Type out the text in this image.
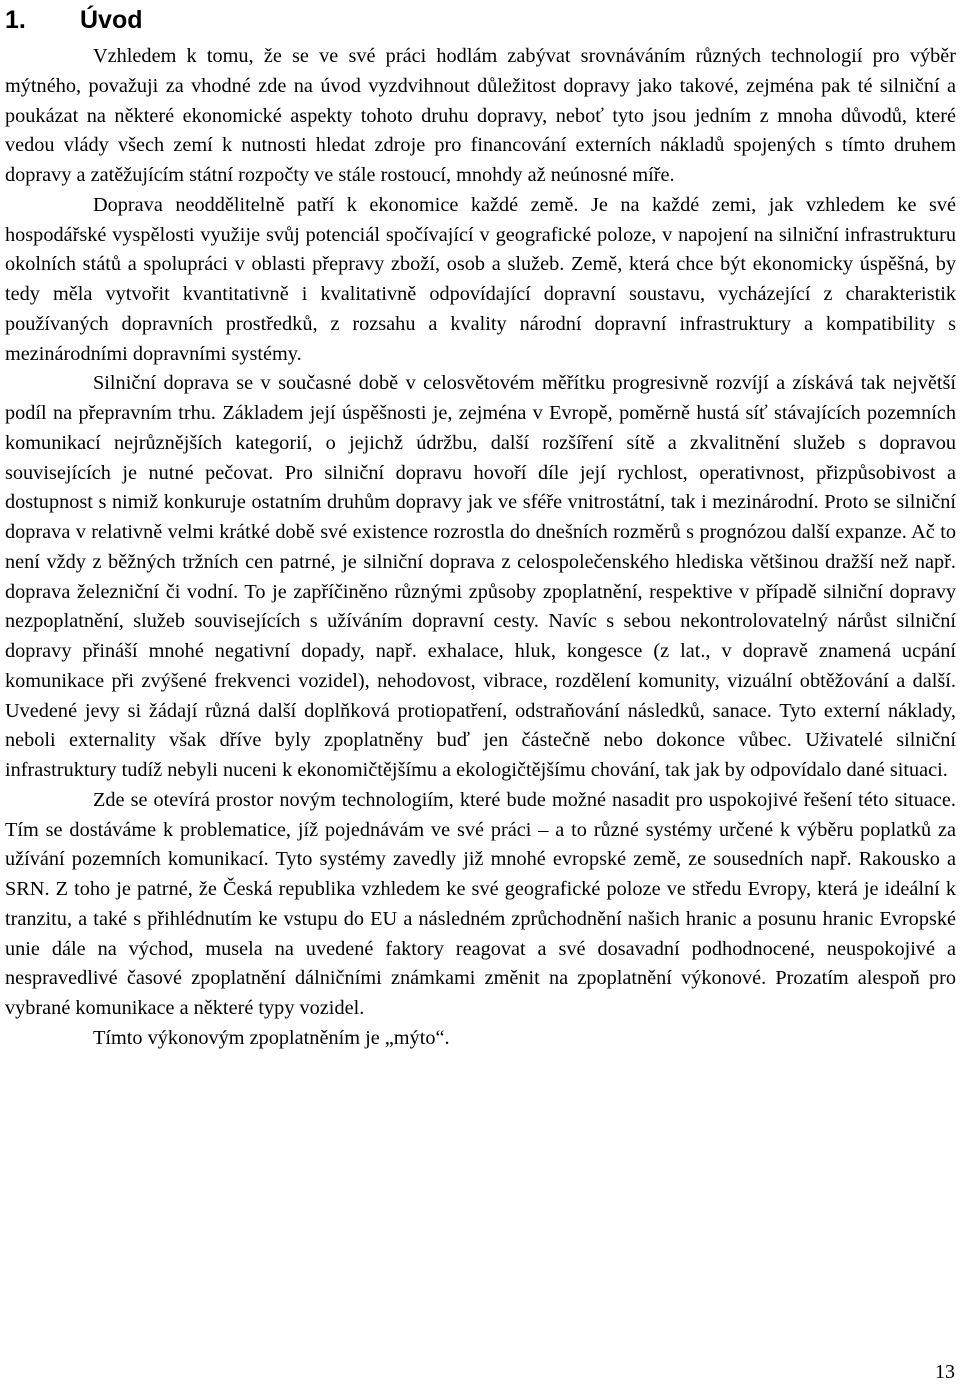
1.	Úvod

Vzhledem k tomu, že se ve své práci hodlám zabývat srovnáváním různých technologií pro výběr mýtného, považuji za vhodné zde na úvod vyzdvihnout důležitost dopravy jako takové, zejména pak té silniční a poukázat na některé ekonomické aspekty tohoto druhu dopravy, neboť tyto jsou jedním z mnoha důvodů, které vedou vlády všech zemí k nutnosti hledat zdroje pro financování externích nákladů spojených s tímto druhem dopravy a zatěžujícím státní rozpočty ve stále rostoucí, mnohdy až neúnosné míře.

Doprava neoddělitelně patří k ekonomice každé země. Je na každé zemi, jak vzhledem ke své hospodářské vyspělosti využije svůj potenciál spočívající v geografické poloze, v napojení na silniční infrastrukturu okolních států a spolupráci v oblasti přepravy zboží, osob a služeb. Země, která chce být ekonomicky úspěšná, by tedy měla vytvořit kvantitativně i kvalitativně odpovídající dopravní soustavu, vycházející z charakteristik používaných dopravních prostředků, z rozsahu a kvality národní dopravní infrastruktury a kompatibility s mezinárodními dopravními systémy.

Silniční doprava se v současné době v celosvětovém měřítku progresivně rozvíjí a získává tak největší podíl na přepravním trhu. Základem její úspěšnosti je, zejména v Evropě, poměrně hustá síť stávajících pozemních komunikací nejrůznějších kategorií, o jejichž údržbu, další rozšíření sítě a zkvalitnění služeb s dopravou souvisejících je nutné pečovat. Pro silniční dopravu hovoří díle její rychlost, operativnost, přizpůsobivost a dostupnost s nimiž konkuruje ostatním druhům dopravy jak ve sféře vnitrostátní, tak i mezinárodní. Proto se silniční doprava v relativně velmi krátké době své existence rozrostla do dnešních rozměrů s prognózou další expanze. Ač to není vždy z běžných tržních cen patrné, je silniční doprava z celospolečenského hlediska většinou dražší než např. doprava železniční či vodní. To je zapříčiněno různými způsoby zpoplatnění, respektive v případě silniční dopravy nezpoplatnění, služeb souvisejících s užíváním dopravní cesty. Navíc s sebou nekontrolovatelný nárůst silniční dopravy přináší mnohé negativní dopady, např. exhalace, hluk, kongesce (z lat., v dopravě znamená ucpání komunikace při zvýšené frekvenci vozidel), nehodovost, vibrace, rozdělení komunity, vizuální obtěžování a další. Uvedené jevy si žádají různá další doplňková protiopatření, odstraňování následků, sanace. Tyto externí náklady, neboli externality však dříve byly zpoplatněny buď jen částečně nebo dokonce vůbec. Uživatelé silniční infrastruktury tudíž nebyli nuceni k ekonomičtějšímu a ekologičtějšímu chování, tak jak by odpovídalo dané situaci.

Zde se otevírá prostor novým technologiím, které bude možné nasadit pro uspokojivé řešení této situace. Tím se dostáváme k problematice, jíž pojednávám ve své práci – a to různé systémy určené k výběru poplatků za užívání pozemních komunikací. Tyto systémy zavedly již mnohé evropské země, ze sousedních např. Rakousko a SRN. Z toho je patrné, že Česká republika vzhledem ke své geografické poloze ve středu Evropy, která je ideální k tranzitu, a také s přihlédnutím ke vstupu do EU a následném zprůchodnění našich hranic a posunu hranic Evropské unie dále na východ, musela na uvedené faktory reagovat a své dosavadní podhodnocené, neuspokojivé a nespravedlivé časové zpoplatnění dálničními známkami změnit na zpoplatnění výkonové. Prozatím alespoň pro vybrané komunikace a některé typy vozidel.

Tímto výkonovým zpoplatněním je „mýto“.

13
